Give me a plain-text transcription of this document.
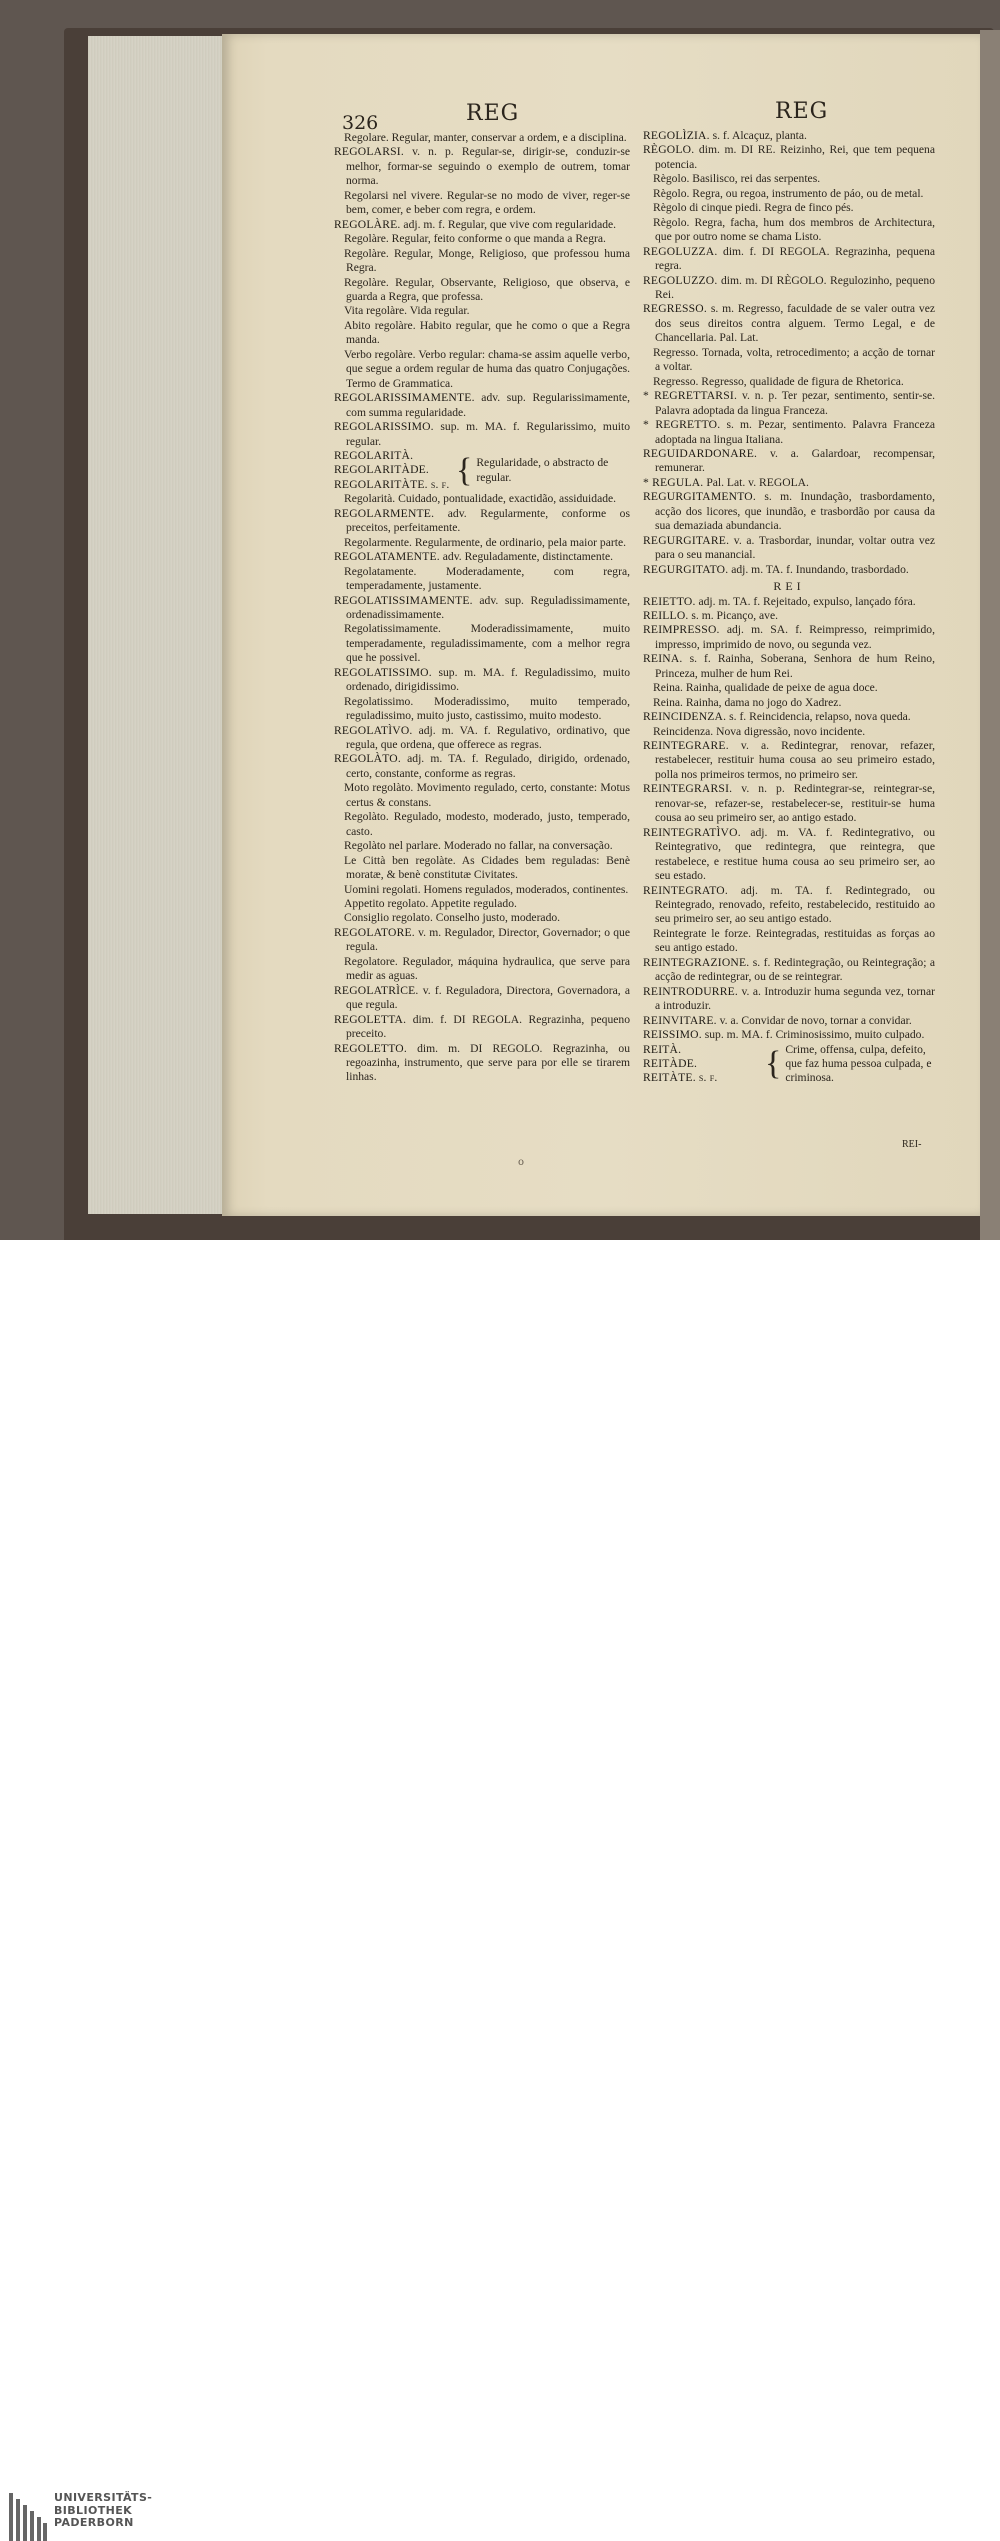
326	REG	REG

Regolare. Regular, manter, conservar a ordem, e a disciplina.

REGOLARSI. v. n. p. Regular-se, dirigir-se, conduzir-se melhor, formar-se seguindo o exemplo de outrem, tomar norma.

Regolarsi nel vivere. Regular-se no modo de viver, reger-se bem, comer, e beber com regra, e ordem.

REGOLÀRE. adj. m. f. Regular, que vive com regularidade.

Regolàre. Regular, feito conforme o que manda a Regra.

Regolàre. Regular, Monge, Religioso, que professou huma Regra.

Regolàre. Regular, Observante, Religioso, que observa, e guarda a Regra, que professa.

Vita regolàre. Vida regular.

Abito regolàre. Habito regular, que he como o que a Regra manda.

Verbo regolàre. Verbo regular: chama-se assim aquelle verbo, que segue a ordem regular de huma das quatro Conjugações. Termo de Grammatica.

REGOLARISSIMAMENTE. adv. sup. Regularissimamente, com summa regularidade.

REGOLARISSIMO. sup. m. MA. f. Regularissimo, muito regular.

REGOLARITÀ.
REGOLARITÀDE.
REGOLARITÀTE. s. f. { Regularidade, o abstracto de regular.

Regolarità. Cuidado, pontualidade, exactidão, assiduidade.

REGOLARMENTE. adv. Regularmente, conforme os preceitos, perfeitamente.

Regolarmente. Regularmente, de ordinario, pela maior parte.

REGOLATAMENTE. adv. Reguladamente, distinctamente.

Regolatamente. Moderadamente, com regra, temperadamente, justamente.

REGOLATISSIMAMENTE. adv. sup. Reguladissimamente, ordenadissimamente.

Regolatissimamente. Moderadissimamente, muito temperadamente, reguladissimamente, com a melhor regra que he possivel.

REGOLATISSIMO. sup. m. MA. f. Reguladissimo, muito ordenado, dirigidissimo.

Regolatissimo. Moderadissimo, muito temperado, reguladissimo, muito justo, castissimo, muito modesto.

REGOLATÌVO. adj. m. VA. f. Regulativo, ordinativo, que regula, que ordena, que offerece as regras.

REGOLÀTO. adj. m. TA. f. Regulado, dirigido, ordenado, certo, constante, conforme as regras.

Moto regolàto. Movimento regulado, certo, constante: Motus certus & constans.

Regolàto. Regulado, modesto, moderado, justo, temperado, casto.

Regolàto nel parlare. Moderado no fallar, na conversação.

Le Città ben regolàte. As Cidades bem reguladas: Benè moratæ, & benè constitutæ Civitates.

Uomini regolati. Homens regulados, moderados, continentes.

Appetito regolato. Appetite regulado.

Consiglio regolato. Conselho justo, moderado.

REGOLATORE. v. m. Regulador, Director, Governador; o que regula.

Regolatore. Regulador, máquina hydraulica, que serve para medir as aguas.

REGOLATRÌCE. v. f. Reguladora, Directora, Governadora, a que regula.

REGOLETTA. dim. f. DI REGOLA. Regrazinha, pequeno preceito.

REGOLETTO. dim. m. DI REGOLO. Regrazinha, ou regoazinha, instrumento, que serve para por elle se tirarem linhas.

REGOLÌZIA. s. f. Alcaçuz, planta.

RÈGOLO. dim. m. DI RE. Reizinho, Rei, que tem pequena potencia.

Règolo. Basilisco, rei das serpentes.

Règolo. Regra, ou regoa, instrumento de páo, ou de metal.

Règolo di cinque piedi. Regra de finco pés.

Règolo. Regra, facha, hum dos membros de Architectura, que por outro nome se chama Listo.

REGOLUZZA. dim. f. DI REGOLA. Regrazinha, pequena regra.

REGOLUZZO. dim. m. DI RÈGOLO. Regulozinho, pequeno Rei.

REGRESSO. s. m. Regresso, faculdade de se valer outra vez dos seus direitos contra alguem. Termo Legal, e de Chancellaria. Pal. Lat.

Regresso. Tornada, volta, retrocedimento; a acção de tornar a voltar.

Regresso. Regresso, qualidade de figura de Rhetorica.

* REGRETTARSI. v. n. p. Ter pezar, sentimento, sentir-se. Palavra adoptada da lingua Franceza.

* REGRETTO. s. m. Pezar, sentimento. Palavra Franceza adoptada na lingua Italiana.

REGUIDARDONARE. v. a. Galardoar, recompensar, remunerar.

* REGULA. Pal. Lat. v. REGOLA.

REGURGITAMENTO. s. m. Inundação, trasbordamento, acção dos licores, que inundão, e trasbordão por causa da sua demaziada abundancia.

REGURGITARE. v. a. Trasbordar, inundar, voltar outra vez para o seu manancial.

REGURGITATO. adj. m. TA. f. Inundando, trasbordado.

REI

REIETTO. adj. m. TA. f. Rejeitado, expulso, lançado fóra.

REILLO. s. m. Picanço, ave.

REIMPRESSO. adj. m. SA. f. Reimpresso, reimprimido, impresso, imprimido de novo, ou segunda vez.

REINA. s. f. Rainha, Soberana, Senhora de hum Reino, Princeza, mulher de hum Rei.

Reina. Rainha, qualidade de peixe de agua doce.

Reina. Rainha, dama no jogo do Xadrez.

REINCIDENZA. s. f. Reincidencia, relapso, nova queda.

Reincidenza. Nova digressão, novo incidente.

REINTEGRARE. v. a. Redintegrar, renovar, refazer, restabelecer, restituir huma cousa ao seu primeiro estado, polla nos primeiros termos, no primeiro ser.

REINTEGRARSI. v. n. p. Redintegrar-se, reintegrar-se, renovar-se, refazer-se, restabelecer-se, restituir-se huma cousa ao seu primeiro ser, ao antigo estado.

REINTEGRATÌVO. adj. m. VA. f. Redintegrativo, ou Reintegrativo, que redintegra, que reintegra, que restabelece, e restitue huma cousa ao seu primeiro ser, ao seu estado.

REINTEGRATO. adj. m. TA. f. Redintegrado, ou Reintegrado, renovado, refeito, restabelecido, restituido ao seu primeiro ser, ao seu antigo estado.

Reintegrate le forze. Reintegradas, restituidas as forças ao seu antigo estado.

REINTEGRAZIONE. s. f. Redintegração, ou Reintegração; a acção de redintegrar, ou de se reintegrar.

REINTRODURRE. v. a. Introduzir huma segunda vez, tornar a introduzir.

REINVITARE. v. a. Convidar de novo, tornar a convidar.

REISSIMO. sup. m. MA. f. Criminosissimo, muito culpado.

REITÀ.
REITÀDE.
REITÀTE. s. f.	{ Crime, offensa, culpa, defeito, que faz huma pessoa culpada, e criminosa.
REI-
o
UNIVERSITÄTS-
BIBLIOTHEK
PADERBORN
